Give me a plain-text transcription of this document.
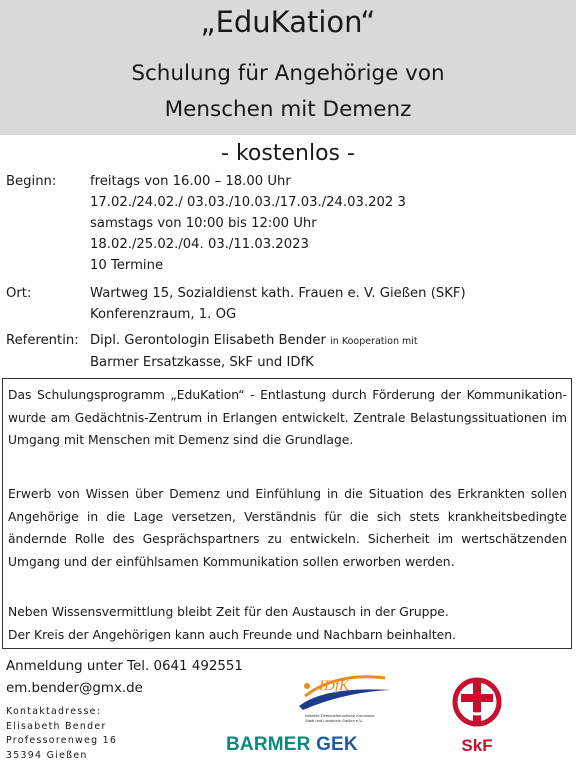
„EduKation“
Schulung für Angehörige von
Menschen mit Demenz
- kostenlos -
Beginn:	freitags von 16.00 – 18.00 Uhr
17.02./24.02./ 03.03./10.03./17.03./24.03.202 3
samstags von 10:00 bis 12:00 Uhr
18.02./25.02./04. 03./11.03.2023
10 Termine
Ort:	Wartweg 15, Sozialdienst kath. Frauen e. V. Gießen (SKF)
Konferenzraum, 1. OG
Referentin: Dipl. Gerontologin Elisabeth Bender in Kooperation mit
Barmer Ersatzkasse, SkF und IDfK

Das Schulungsprogramm „EduKation“ - Entlastung durch Förderung der Kommunikation- wurde am Gedächtnis-Zentrum in Erlangen entwickelt. Zentrale Belastungssituationen im Umgang mit Menschen mit Demenz sind die Grundlage.

Erwerb von Wissen über Demenz und Einfühlung in die Situation des Erkrankten sollen Angehörige in die Lage versetzen, Verständnis für die sich stets krankheitsbedingte ändernde Rolle des Gesprächspartners zu entwickeln. Sicherheit im wertschätzenden Umgang und der einfühlsamen Kommunikation sollen erworben werden.

Neben Wissensvermittlung bleibt Zeit für den Austausch in der Gruppe.
Der Kreis der Angehörigen kann auch Freunde und Nachbarn beinhalten.

Anmeldung unter Tel. 0641 492551
em.bender@gmx.de
Kontaktadresse:
Elisabeth Bender
Professorenweg 16
35394 Gießen
IDfK
Initiative Demenzfreundliche Kommune
Stadt und Landkreis Gießen e.V.
BARMER GEK	SkF
